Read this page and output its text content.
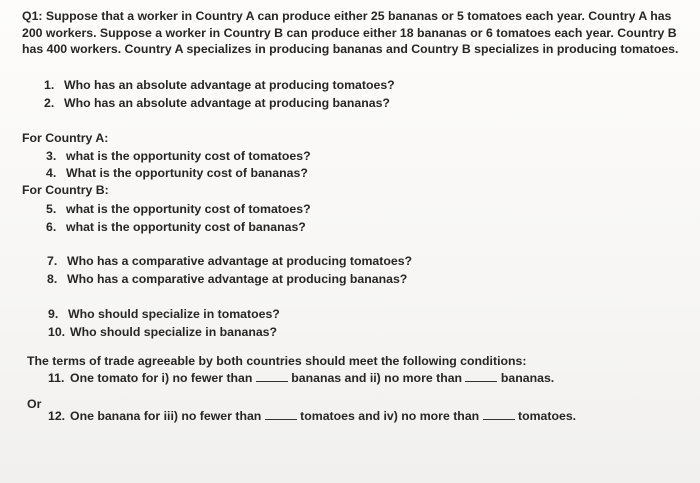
Q1: Suppose that a worker in Country A can produce either 25 bananas or 5 tomatoes each year. Country A has 200 workers. Suppose a worker in Country B can produce either 18 bananas or 6 tomatoes each year. Country B has 400 workers. Country A specializes in producing bananas and Country B specializes in producing tomatoes.
1. Who has an absolute advantage at producing tomatoes?
2. Who has an absolute advantage at producing bananas?
For Country A:
3. what is the opportunity cost of tomatoes?
4. What is the opportunity cost of bananas?
For Country B:
5. what is the opportunity cost of tomatoes?
6. what is the opportunity cost of bananas?
7. Who has a comparative advantage at producing tomatoes?
8. Who has a comparative advantage at producing bananas?
9. Who should specialize in tomatoes?
10. Who should specialize in bananas?
The terms of trade agreeable by both countries should meet the following conditions:
11. One tomato for i) no fewer than	bananas and ii) no more than	bananas.
Or
12. One banana for iii) no fewer than	tomatoes and iv) no more than	tomatoes.
